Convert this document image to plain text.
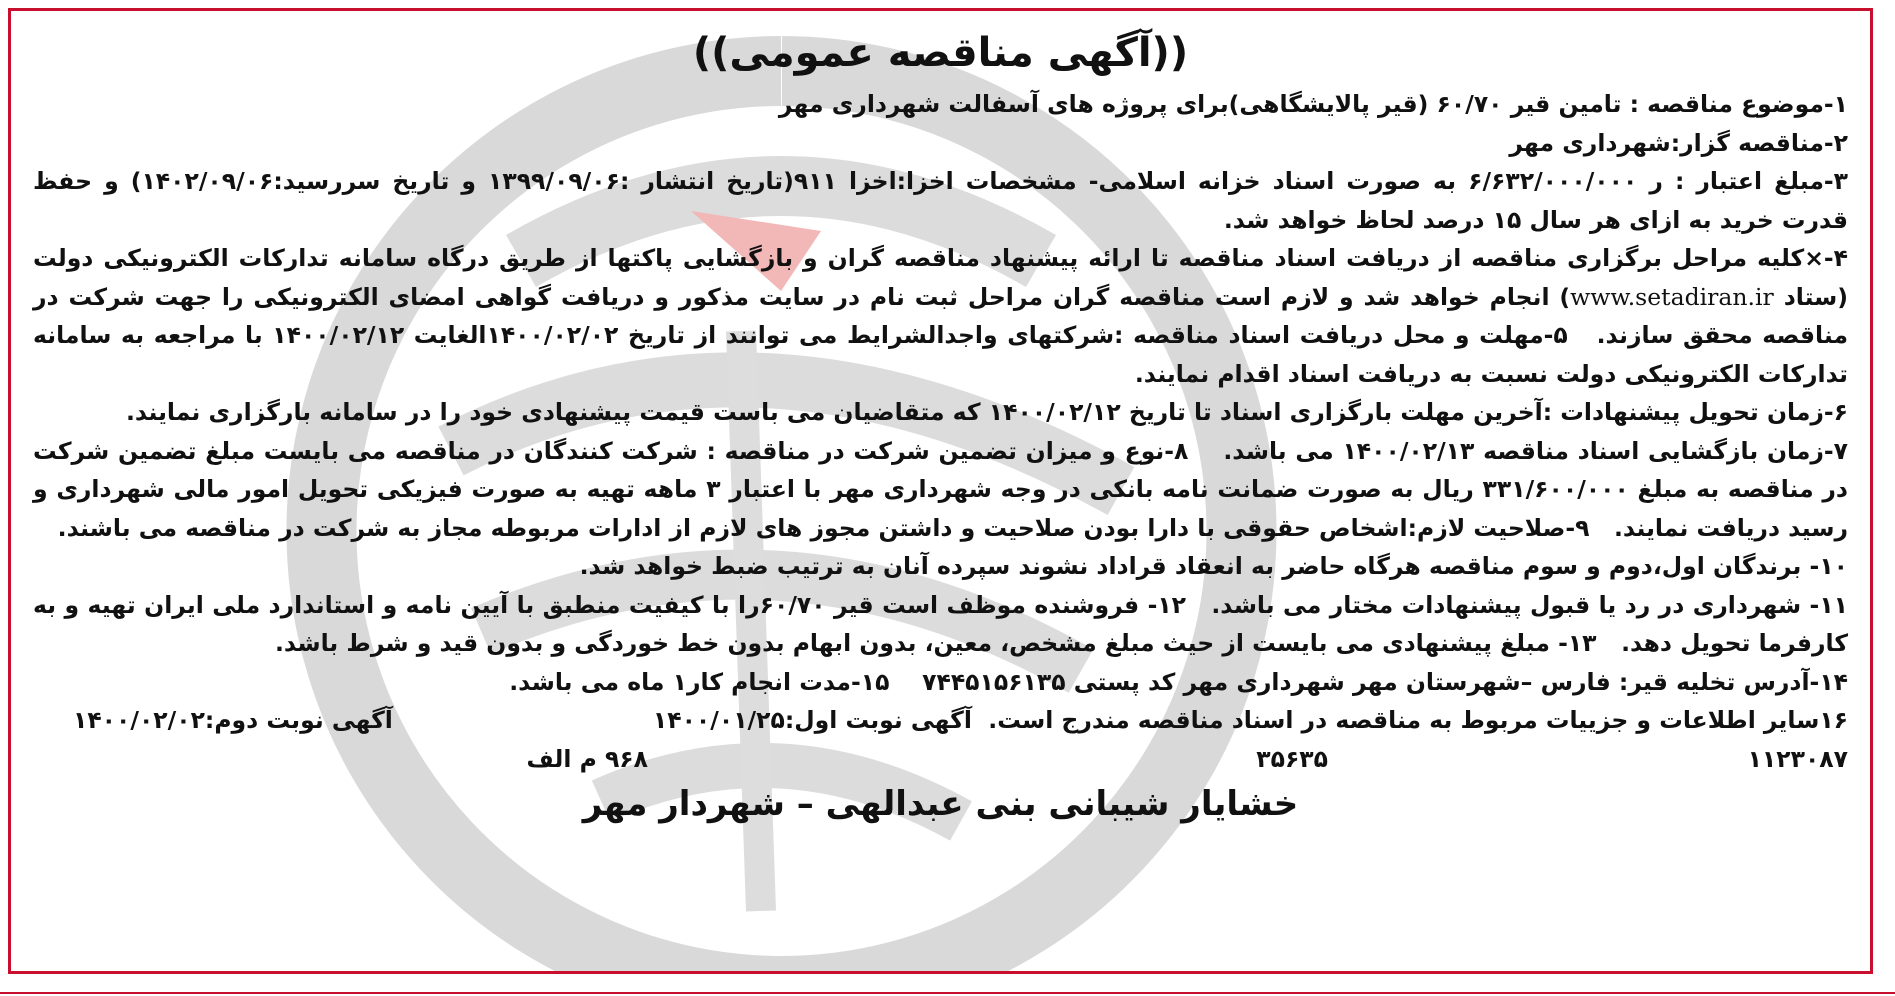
((آگهی مناقصه عمومی))

۱-موضوع مناقصه : تامین قیر ۶۰/۷۰ (قیر پالایشگاهی)برای پروژه های آسفالت شهرداری مهر

۲-مناقصه گزار:شهرداری مهر

۳-مبلغ اعتبار : ر ۶/۶۳۲/۰۰۰/۰۰۰ به صورت اسناد خزانه اسلامی- مشخصات اخزا:اخزا ۹۱۱(تاریخ انتشار :۱۳۹۹/۰۹/۰۶ و تاریخ سررسید:۱۴۰۲/۰۹/۰۶) و حفظ قدرت خرید به ازای هر سال ۱۵ درصد لحاظ خواهد شد.

۴-×کلیه مراحل برگزاری مناقصه از دریافت اسناد مناقصه تا ارائه پیشنهاد مناقصه گران و بازگشایی پاکتها از طریق درگاه سامانه تدارکات الکترونیکی دولت (ستاد www.setadiran.ir) انجام خواهد شد و لازم است مناقصه گران مراحل ثبت نام در سایت مذکور و دریافت گواهی امضای الکترونیکی را جهت شرکت در مناقصه محقق سازند.   ۵-مهلت و محل دریافت اسناد مناقصه :شرکتهای واجدالشرایط می توانند از تاریخ ۱۴۰۰/۰۲/۰۲الغایت ۱۴۰۰/۰۲/۱۲ با مراجعه به سامانه تدارکات الکترونیکی دولت نسبت به دریافت اسناد اقدام نمایند.

۶-زمان تحویل پیشنهادات :آخرین مهلت بارگزاری اسناد تا تاریخ ۱۴۰۰/۰۲/۱۲ که متقاضیان می باست قیمت پیشنهادی خود را در سامانه بارگزاری نمایند.

۷-زمان بازگشایی اسناد مناقصه ۱۴۰۰/۰۲/۱۳ می باشد.    ۸-نوع و میزان تضمین شرکت در مناقصه : شرکت کنندگان در مناقصه می بایست مبلغ تضمین شرکت در مناقصه به مبلغ ۳۳۱/۶۰۰/۰۰۰ ریال به صورت ضمانت نامه بانکی در وجه شهرداری مهر با اعتبار ۳ ماهه تهیه به صورت فیزیکی تحویل امور مالی شهرداری و رسید دریافت نمایند.   ۹-صلاحیت لازم:اشخاص حقوقی با دارا بودن صلاحیت و داشتن مجوز های لازم از ادارات مربوطه مجاز به شرکت در مناقصه می باشند.

۱۰- برندگان اول،دوم و سوم مناقصه هرگاه حاضر به انعقاد قراداد نشوند سپرده آنان به ترتیب ضبط خواهد شد.

۱۱- شهرداری در رد یا قبول پیشنهادات مختار می باشد.   ۱۲- فروشنده موظف است قیر ۶۰/۷۰را با کیفیت منطبق با آیین نامه و استاندارد ملی ایران تهیه و به کارفرما تحویل دهد.   ۱۳- مبلغ پیشنهادی می بایست از حیث مبلغ مشخص، معین، بدون ابهام بدون خط خوردگی و بدون قید و شرط باشد.

۱۴-آدرس تخلیه قیر: فارس –شهرستان مهر شهرداری مهر کد پستی ۷۴۴۵۱۵۶۱۳۵    ۱۵-مدت انجام کار۱ ماه می باشد.

۱۶سایر اطلاعات و جزییات مربوط به مناقصه در اسناد مناقصه مندرج است.  آگهی نوبت اول:۱۴۰۰/۰۱/۲۵
آگهی نوبت دوم:۱۴۰۰/۰۲/۰۲
۱۱۲۳۰۸۷
۳۵۶۳۵
۹۶۸ م الف

خشایار شیبانی بنی عبدالهی – شهردار مهر
